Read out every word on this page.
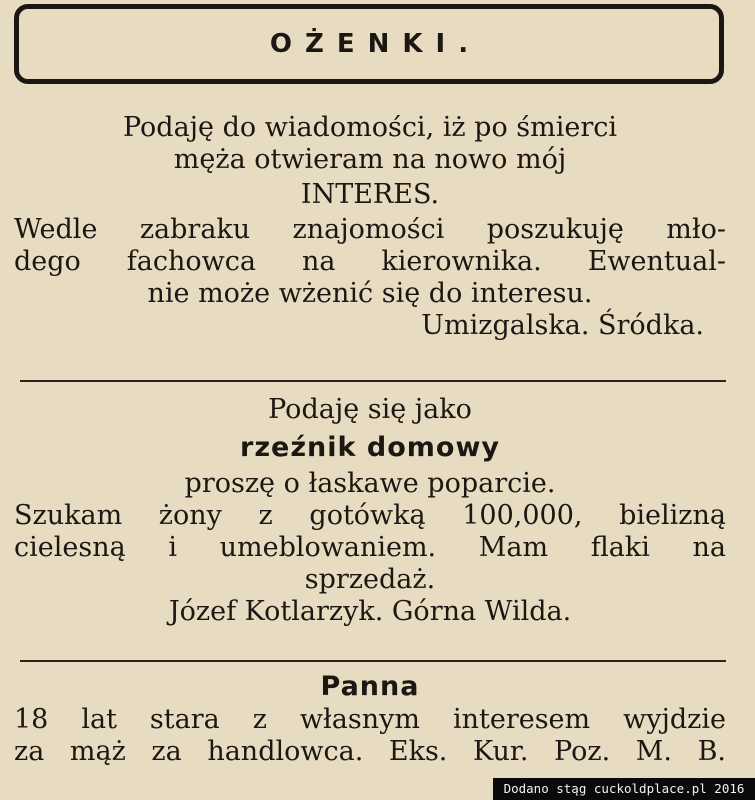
OŻENKI.

Podaję do wiadomości, iż po śmierci

męża otwieram na nowo mój

INTERES.

Wedle zabraku znajomości poszukuję mło-

dego fachowca na kierownika. Ewentual-

nie może wżenić się do interesu.

Umizgalska. Śródka.

Podaję się jako

rzeźnik domowy

proszę o łaskawe poparcie.

Szukam żony z gotówką 100,000, bielizną

cielesną i umeblowaniem. Mam flaki na

sprzedaż.

Józef Kotlarzyk. Górna Wilda.

Panna

18 lat stara z własnym interesem wyjdzie

za mąż za handlowca. Eks. Kur. Poz. M. B.

Dodano stąg cuckoldplace.pl 2016
